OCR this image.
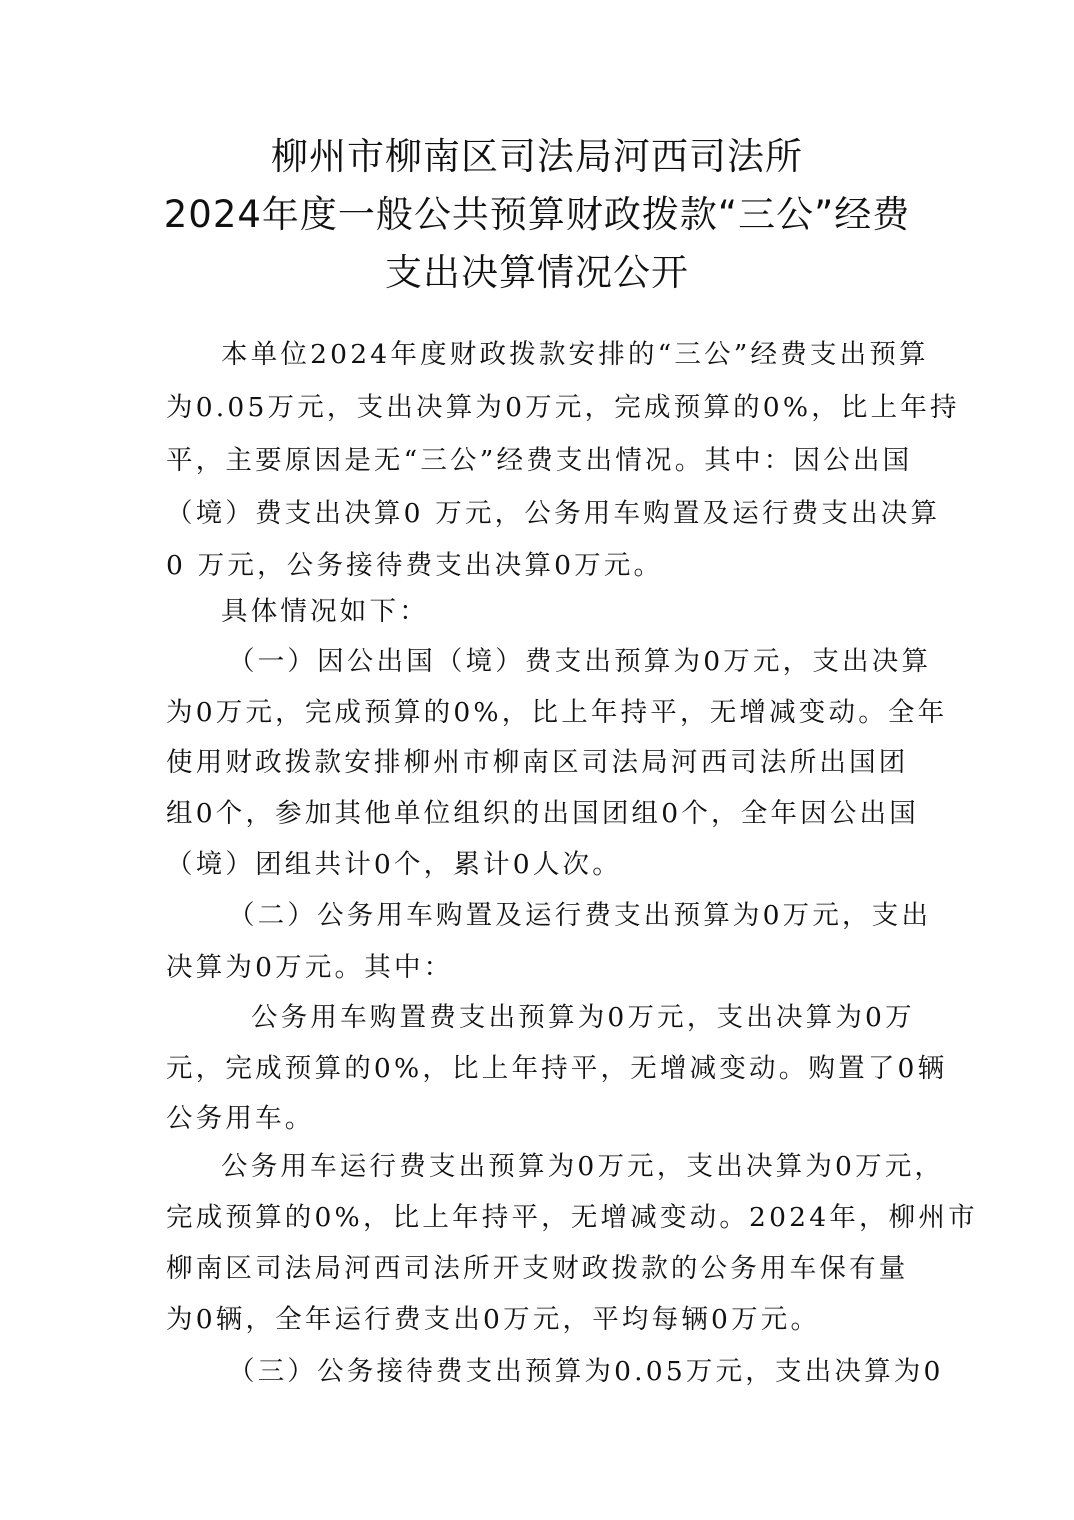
柳州市柳南区司法局河西司法所
2024年度一般公共预算财政拨款“三公”经费
支出决算情况公开
本单位2024年度财政拨款安排的“三公”经费支出预算
为0.05万元，支出决算为0万元，完成预算的0%，比上年持
平，主要原因是无“三公”经费支出情况。其中：因公出国
（境）费支出决算0 万元，公务用车购置及运行费支出决算
0 万元，公务接待费支出决算0万元。
具体情况如下：
（一）因公出国（境）费支出预算为0万元，支出决算
为0万元，完成预算的0%，比上年持平，无增减变动。全年
使用财政拨款安排柳州市柳南区司法局河西司法所出国团
组0个，参加其他单位组织的出国团组0个，全年因公出国
（境）团组共计0个，累计0人次。
（二）公务用车购置及运行费支出预算为0万元，支出
决算为0万元。其中：
公务用车购置费支出预算为0万元，支出决算为0万
元，完成预算的0%，比上年持平，无增减变动。购置了0辆
公务用车。
公务用车运行费支出预算为0万元，支出决算为0万元，
完成预算的0%，比上年持平，无增减变动。2024年，柳州市
柳南区司法局河西司法所开支财政拨款的公务用车保有量
为0辆，全年运行费支出0万元，平均每辆0万元。
（三）公务接待费支出预算为0.05万元，支出决算为0
